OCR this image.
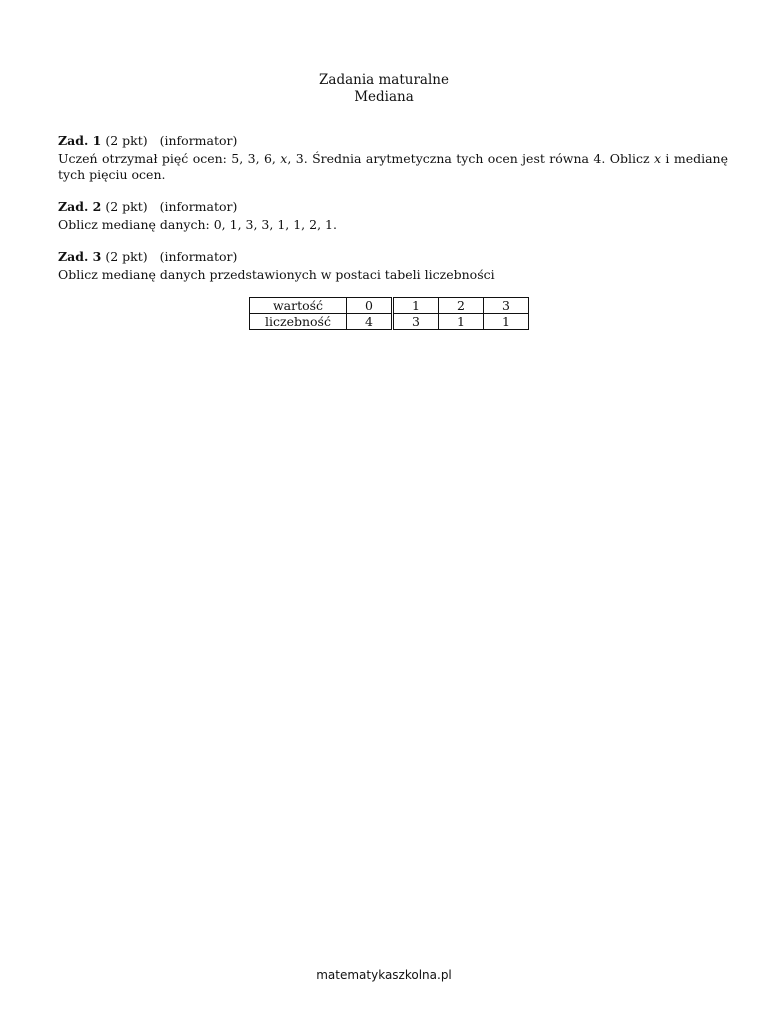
Zadania maturalne
Mediana

Zad. 1 (2 pkt) (informator)

Uczeń otrzymał pięć ocen: 5, 3, 6, x, 3. Średnia arytmetyczna tych ocen jest równa 4. Oblicz x i medianę tych pięciu ocen.

Zad. 2 (2 pkt) (informator)

Oblicz medianę danych: 0, 1, 3, 3, 1, 1, 2, 1.

Zad. 3 (2 pkt) (informator)

Oblicz medianę danych przedstawionych w postaci tabeli liczebności

wartość	0	1	2	3
liczebność	4	3	1	1
matematykaszkolna.pl
